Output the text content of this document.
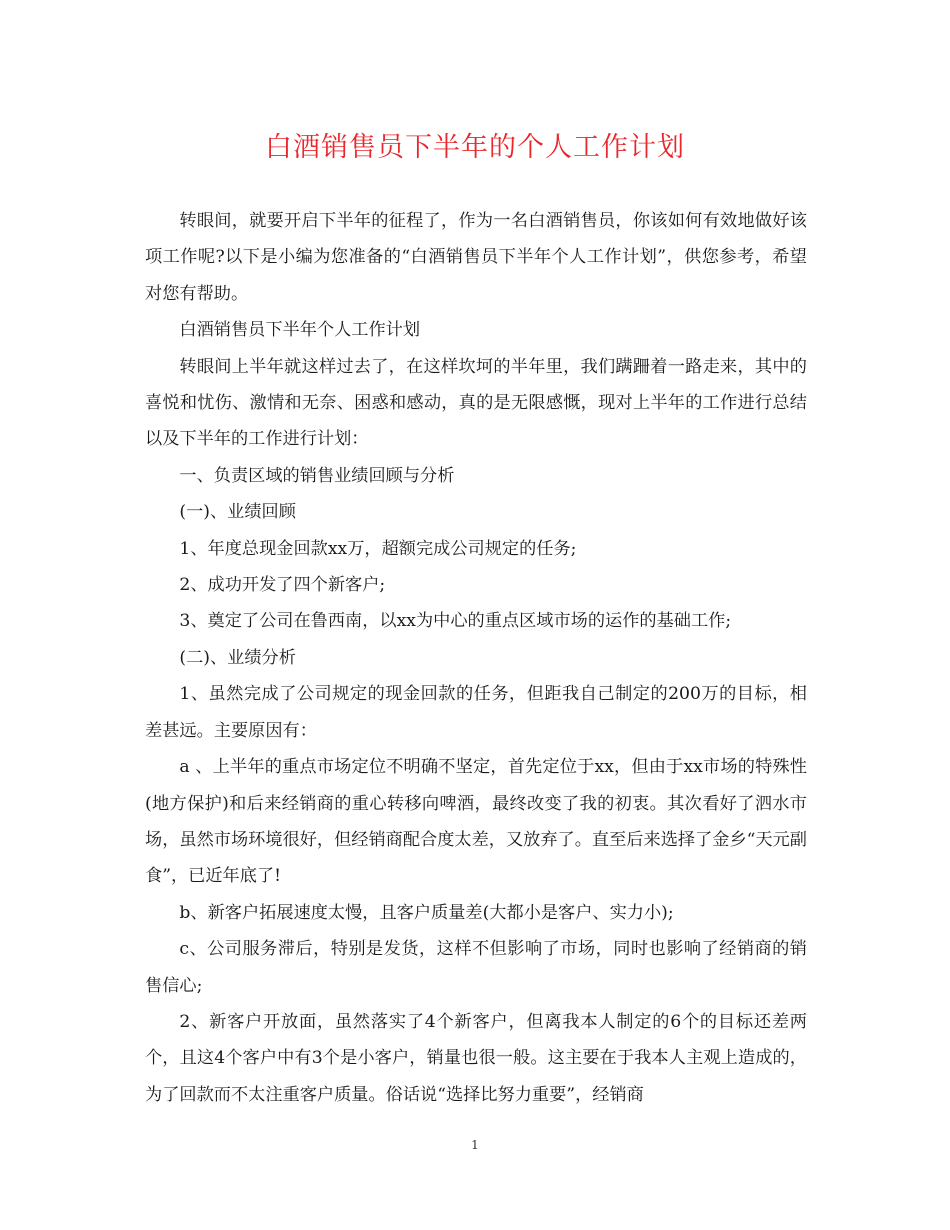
白酒销售员下半年的个人工作计划

转眼间，就要开启下半年的征程了，作为一名白酒销售员，你该如何有效地做好该项工作呢?以下是小编为您准备的“白酒销售员下半年个人工作计划”，供您参考，希望对您有帮助。

白酒销售员下半年个人工作计划

转眼间上半年就这样过去了，在这样坎坷的半年里，我们蹒跚着一路走来，其中的喜悦和忧伤、激情和无奈、困惑和感动，真的是无限感慨，现对上半年的工作进行总结以及下半年的工作进行计划：

一、负责区域的销售业绩回顾与分析

(一)、业绩回顾

1、年度总现金回款xx万，超额完成公司规定的任务;

2、成功开发了四个新客户;

3、奠定了公司在鲁西南，以xx为中心的重点区域市场的运作的基础工作;

(二)、业绩分析

1、虽然完成了公司规定的现金回款的任务，但距我自己制定的200万的目标，相差甚远。主要原因有：

a 、上半年的重点市场定位不明确不坚定，首先定位于xx，但由于xx市场的特殊性(地方保护)和后来经销商的重心转移向啤酒，最终改变了我的初衷。其次看好了泗水市场，虽然市场环境很好，但经销商配合度太差，又放弃了。直至后来选择了金乡“天元副食”，已近年底了!

b、新客户拓展速度太慢，且客户质量差(大都小是客户、实力小);

c、公司服务滞后，特别是发货，这样不但影响了市场，同时也影响了经销商的销售信心;

2、新客户开放面，虽然落实了4个新客户，但离我本人制定的6个的目标还差两个，且这4个客户中有3个是小客户，销量也很一般。这主要在于我本人主观上造成的，为了回款而不太注重客户质量。俗话说“选择比努力重要”，经销商

1
